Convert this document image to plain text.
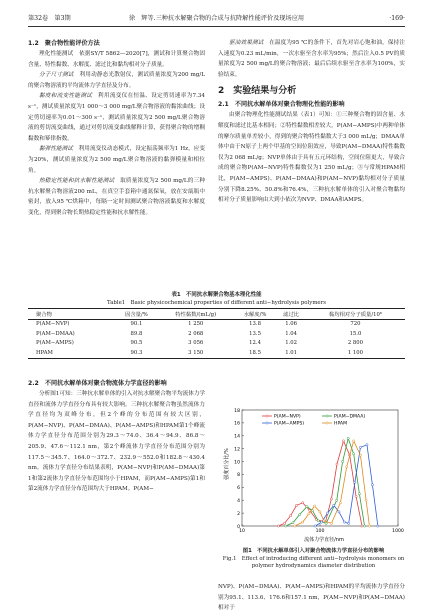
第32卷　第3期	徐　辉等.三种抗水解聚合物的合成与抗降解性能评价及现场应用	·169·
1.2　聚合物性能评价方法

理化性能测试　依据SY/T 5862—2020[7]，测试和计算聚合物固含量、特性黏数、水解度、滤过比和黏均相对分子质量。

分子尺寸测试　 利用动静态光散射仪，测试质量浓度为200 mg/L的聚合物溶液的平均流体力学直径及分布。

黏度和流变性能测试　 利用流变仪在恒温、设定剪切速率为7.34 s⁻¹，测试质量浓度为1 000～3 000 mg/L聚合物溶液的黏浓曲线；设定剪切速率为0.01～300 s⁻¹，测试质量浓度为2 500 mg/L聚合物溶液的剪切流变曲线，通过对剪切流变曲线解释计算，获得聚合物的增稠黏数和幂律指数。

黏弹性能测试　 利用流变仪动态模式，设定振荡频率为1 Hz，应变为20%，测试质量浓度为2 500 mg/L聚合物溶液的黏弹模量和相位角。

热稳定性能和抗水解性能测试　 取质量浓度为2 500 mg/L的三种抗水解聚合物溶液200 mL，在真空手套箱中通氮保氧，放在安瓿瓶中密封，放入95 ℃烘箱中，每隔一定时间测试聚合物溶液黏度和水解度变化，得到聚合物长期热稳定性能和抗水解性能。

驱油效果测试　 在温度为95 ℃的条件下，首先对岩心饱和油，保持注入速度为0.23 mL/min，一次水驱至含水率为95%；然后注入0.5 PV的质量浓度为2 500 mg/L的聚合物溶液；最后后续水驱至含水率为100%，实验结束。

2　实验结果与分析
2.1　不同抗水解单体对聚合物理化性能的影响

由聚合物理化性能测试结果（表1）可知：①三种聚合物的固含量、水解度和滤过比基本相同；②特性黏数相差较大，P(AM−AMPS)中两种单体的摩尔质量单差较小，得到的聚合物特性黏数大于3 000 mL/g；DMAA单体中由于N原子上两个甲基的空间位阻效应，导致P(AM−DMAA)特性黏数仅为2 068 mL/g；NVP单体由于具有五元环结构，空间位阻更大，导致合成的聚合物P(AM−NVP)特性黏数仅为1 250 mL/g；③与常规HPAM相比，P(AM−AMPS)、P(AM−DMAA)和P(AM−NVP)黏均相对分子质量分别下降8.25%、50.8%和76.4%，三种抗水解单体的引入对聚合物黏均相对分子质量影响由大到小依次为NVP、DMAA和AMPS。

表1　不同抗水解聚合物基本理化性能
Table1　Basic physicochemical properties of different anti−hydrolysis polymers
聚合物	固含量/%	特性黏数/(mL/g)	水解度/%	滤过比	黏均相对分子质量/10⁶
P(AM−NVP)	90.1	1 250	13.8	1.06	720
P(AM−DMAA)	89.8	2 068	13.5	1.04	15.0
P(AM−AMPS)	90.5	3 056	12.4	1.02	2 800
HPAM	90.3	3 150	18.5	1.01	1 100
2.2　不同抗水解单体对聚合物流体力学直径的影响

分析图1可知：三种抗水解单体的引入对抗水解聚合物平均流体力学直径和流体力学直径分布具有较大影响。三种抗水解聚合物虽然流体力学直径均为双峰分布，但2个峰的分布范围有较大区别，P(AM−NVP)、P(AM−DMAA)、P(AM−AMPS)和HPAM第1个峰流体力学直径分布范围分别为29.3～74.0、36.4～94.9、86.8～205.9、47.6～112.1 nm，第2个峰流体力学直径分布范围分别为117.5～345.7、164.0～372.7、232.9～552.0和182.8～430.4 nm。流体力学直径分布结果表明，P(AM−NVP)和P(AM−DMAA)第1和第2流体力学直径分布范围均小于HPAM，而P(AM−AMPS)第1和第2流体力学直径分布范围均大于HPAM。P(AM−

0
2
4
6
8
10
12
14
16
18
10	100	1000
P(AM−NVP)	P(AM−DMAA)
P(AM−AMPS)	HPAM
强度百分比/%
流体力学直径/nm
图1　不同抗水解单体引入对聚合物流体力学直径分布的影响
Fig.1　Effect of introducing different anti−hydrolysis monomers on polymer hydrodynamics diameter distribution

NVP)、P(AM−DMAA)、P(AM−AMPS)和HPAM的平均流体力学直径分别为95.1、113.6、176.6和157.1 nm，P(AM−NVP)和P(AM−DMAA)相对于
